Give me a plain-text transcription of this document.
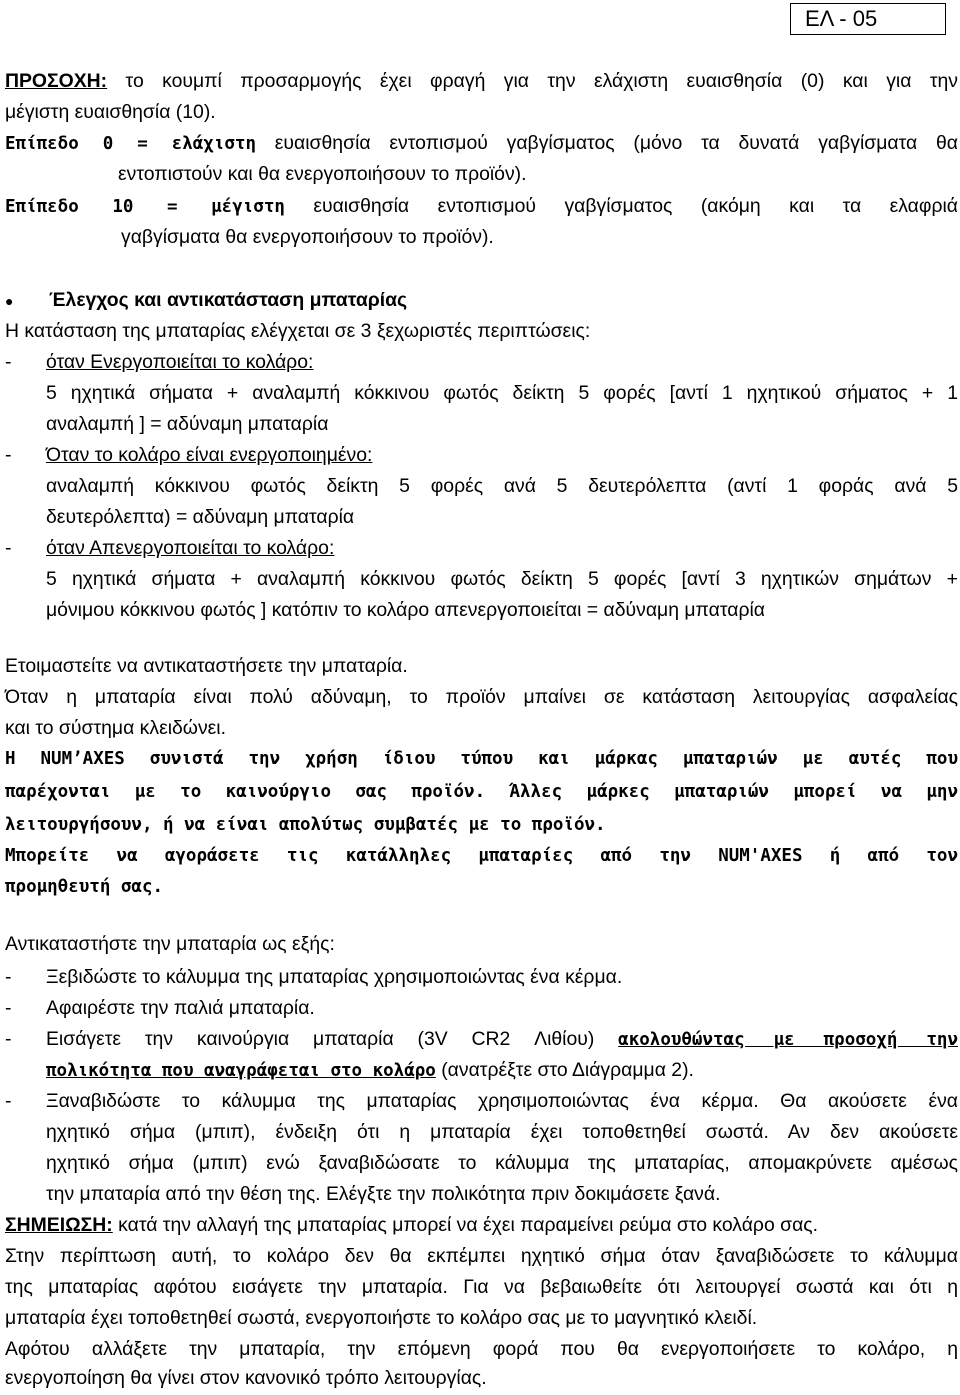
ΕΛ - 05
ΠΡΟΣΟΧΗ: το κουμπί προσαρμογής έχει φραγή για την ελάχιστη ευαισθησία (0) και για την
μέγιστη ευαισθησία (10).
Επίπεδο 0 = ελάχιστη ευαισθησία εντοπισμού γαβγίσματος (μόνο τα δυνατά γαβγίσματα θα
εντοπιστούν και θα ενεργοποιήσουν το προϊόν).
Επίπεδο 10 = μέγιστη ευαισθησία εντοπισμού γαβγίσματος (ακόμη και τα ελαφριά
γαβγίσματα θα ενεργοποιήσουν το προϊόν).
● Έλεγχος και αντικατάσταση μπαταρίας
Η κατάσταση της μπαταρίας ελέγχεται σε 3 ξεχωριστές περιπτώσεις:
-	όταν Ενεργοποιείται το κολάρο:
5 ηχητικά σήματα + αναλαμπή κόκκινου φωτός δείκτη 5 φορές [αντί 1 ηχητικού σήματος + 1
αναλαμπή ] = αδύναμη μπαταρία
-	Όταν το κολάρο είναι ενεργοποιημένο:
αναλαμπή κόκκινου φωτός δείκτη 5 φορές ανά 5 δευτερόλεπτα (αντί 1 φοράς ανά 5
δευτερόλεπτα) = αδύναμη μπαταρία
-	όταν Απενεργοποιείται το κολάρο:
5 ηχητικά σήματα + αναλαμπή κόκκινου φωτός δείκτη 5 φορές [αντί 3 ηχητικών σημάτων +
μόνιμου κόκκινου φωτός ] κατόπιν το κολάρο απενεργοποιείται = αδύναμη μπαταρία
Ετοιμαστείτε να αντικαταστήσετε την μπαταρία.
Όταν η μπαταρία είναι πολύ αδύναμη, το προϊόν μπαίνει σε κατάσταση λειτουργίας ασφαλείας
και το σύστημα κλειδώνει.
Η NUM’AXES συνιστά την χρήση ίδιου τύπου και μάρκας μπαταριών με αυτές που
παρέχονται με το καινούργιο σας προϊόν. Άλλες μάρκες μπαταριών μπορεί να μην
λειτουργήσουν, ή να είναι απολύτως συμβατές με το προϊόν.
Μπορείτε να αγοράσετε τις κατάλληλες μπαταρίες από την NUM'AXES ή από τον
προμηθευτή σας.
Αντικαταστήστε την μπαταρία ως εξής:
-	Ξεβιδώστε το κάλυμμα της μπαταρίας χρησιμοποιώντας ένα κέρμα.
-	Αφαιρέστε την παλιά μπαταρία.
-	Εισάγετε την καινούργια μπαταρία (3V CR2 Λιθίου) ακολουθώντας με προσοχή την
πολικότητα που αναγράφεται στο κολάρο (ανατρέξτε στο Διάγραμμα 2).
-	Ξαναβιδώστε το κάλυμμα της μπαταρίας χρησιμοποιώντας ένα κέρμα. Θα ακούσετε ένα
ηχητικό σήμα (μπιπ), ένδειξη ότι η μπαταρία έχει τοποθετηθεί σωστά. Αν δεν ακούσετε
ηχητικό σήμα (μπιπ) ενώ ξαναβιδώσατε το κάλυμμα της μπαταρίας, απομακρύνετε αμέσως
την μπαταρία από την θέση της. Ελέγξτε την πολικότητα πριν δοκιμάσετε ξανά.
ΣΗΜΕΙΩΣΗ: κατά την αλλαγή της μπαταρίας μπορεί να έχει παραμείνει ρεύμα στο κολάρο σας.
Στην περίπτωση αυτή, το κολάρο δεν θα εκπέμπει ηχητικό σήμα όταν ξαναβιδώσετε το κάλυμμα
της μπαταρίας αφότου εισάγετε την μπαταρία. Για να βεβαιωθείτε ότι λειτουργεί σωστά και ότι η
μπαταρία έχει τοποθετηθεί σωστά, ενεργοποιήστε το κολάρο σας με το μαγνητικό κλειδί.
Αφότου αλλάξετε την μπαταρία, την επόμενη φορά που θα ενεργοποιήσετε το κολάρο, η
ενεργοποίηση θα γίνει στον κανονικό τρόπο λειτουργίας.
